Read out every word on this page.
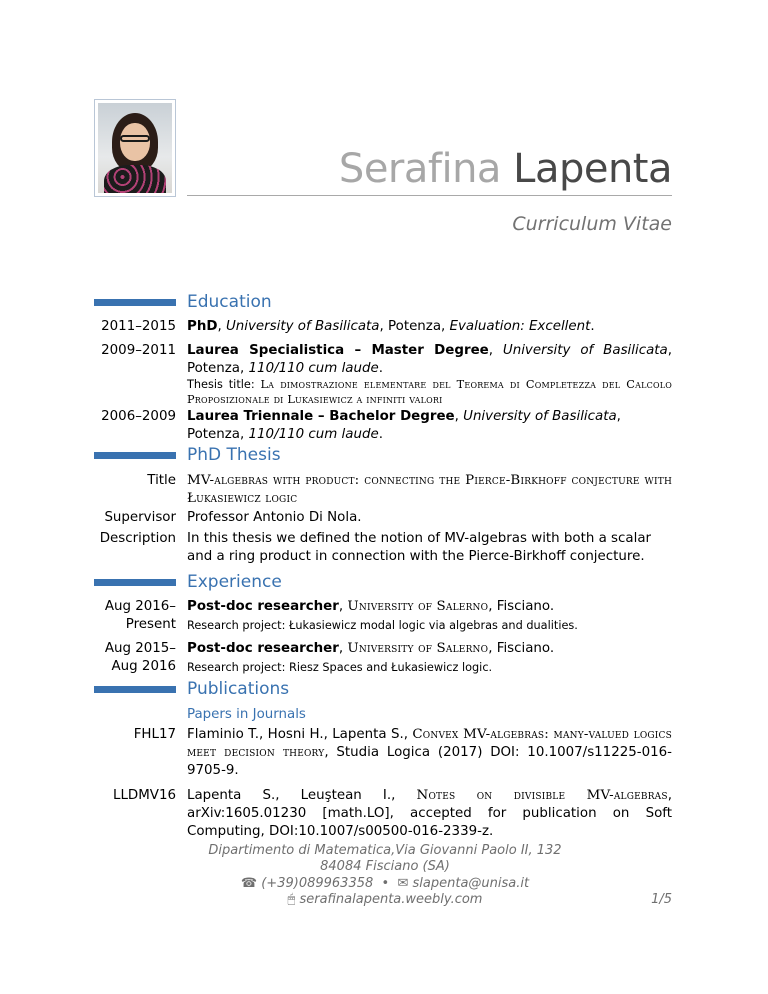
Serafina Lapenta
Curriculum Vitae
Education
2011–2015 PhD, University of Basilicata, Potenza, Evaluation: Excellent.
2009–2011 Laurea Specialistica – Master Degree, University of Basilicata, Potenza, 110/110 cum laude.
Thesis title: La dimostrazione elementare del Teorema di Completezza del Calcolo Proposizionale di Lukasiewicz a infiniti valori
2006–2009 Laurea Triennale – Bachelor Degree, University of Basilicata, Potenza, 110/110 cum laude.
PhD Thesis
Title MV-algebras with product: connecting the Pierce-Birkhoff conjecture with Łukasiewicz logic
Supervisor Professor Antonio Di Nola.
Description In this thesis we defined the notion of MV-algebras with both a scalar and a ring product in connection with the Pierce-Birkhoff conjecture.
Experience
Aug 2016–
Present
Post-doc researcher, University of Salerno, Fisciano.
Research project: Łukasiewicz modal logic via algebras and dualities.
Aug 2015–
Aug 2016
Post-doc researcher, University of Salerno, Fisciano.
Research project: Riesz Spaces and Łukasiewicz logic.
Publications
Papers in Journals
FHL17 Flaminio T., Hosni H., Lapenta S., Convex MV-algebras: many-valued logics meet decision theory, Studia Logica (2017) DOI: 10.1007/s11225-016-9705-9.
LLDMV16 Lapenta S., Leuştean I., Notes on divisible MV-algebras, arXiv:1605.01230 [math.LO], accepted for publication on Soft Computing, DOI:10.1007/s00500-016-2339-z.
Dipartimento di Matematica,Via Giovanni Paolo II, 132
84084 Fisciano (SA)
☎ (+39)089963358 • ✉ slapenta@unisa.it
🖱 serafinalapenta.weebly.com	1/5
